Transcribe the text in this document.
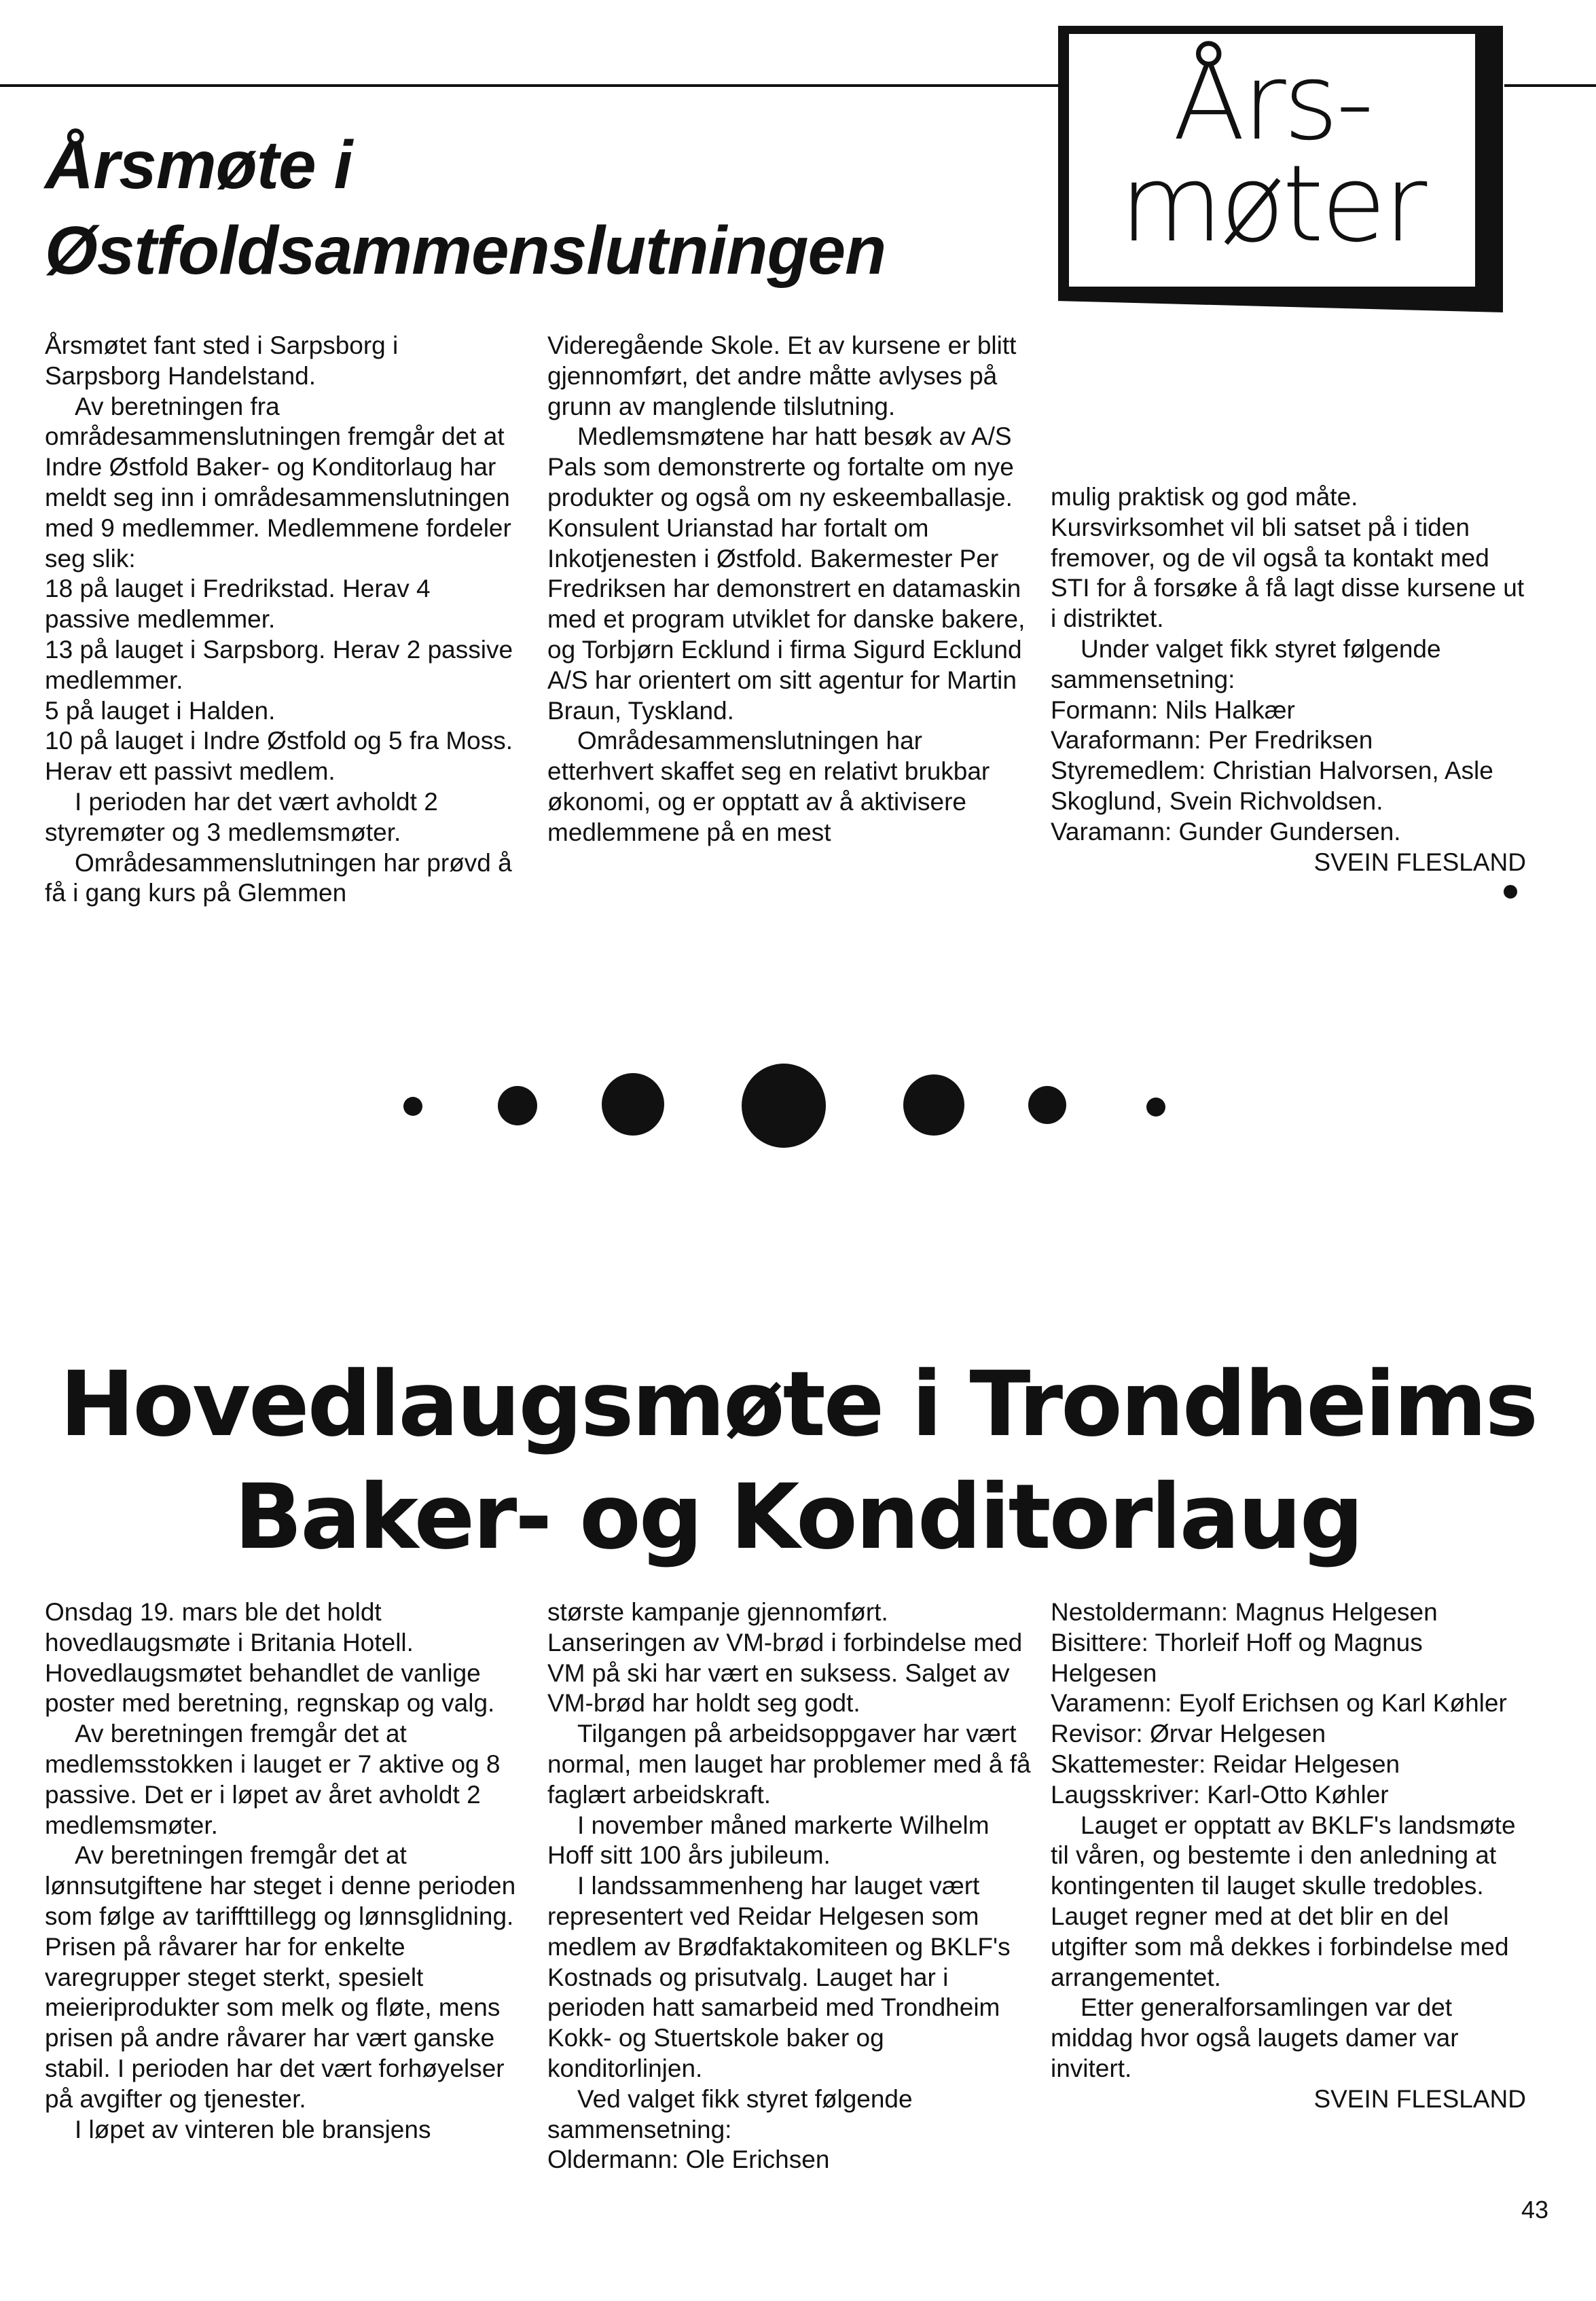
Års-
møter
Årsmøte i
Østfoldsammenslutningen

Årsmøtet fant sted i Sarpsborg i Sarpsborg Handelstand.

Av beretningen fra områdesammenslutningen fremgår det at Indre Østfold Baker- og Konditorlaug har meldt seg inn i områdesammenslutningen med 9 medlemmer. Medlemmene fordeler seg slik:

18 på lauget i Fredrikstad. Herav 4 passive medlemmer.

13 på lauget i Sarpsborg. Herav 2 passive medlemmer.

5 på lauget i Halden.

10 på lauget i Indre Østfold og 5 fra Moss. Herav ett passivt medlem.

I perioden har det vært avholdt 2 styremøter og 3 medlemsmøter.

Områdesammenslutningen har prøvd å få i gang kurs på Glemmen

Videregående Skole. Et av kursene er blitt gjennomført, det andre måtte avlyses på grunn av manglende tilslutning.

Medlemsmøtene har hatt besøk av A/S Pals som demonstrerte og fortalte om nye produkter og også om ny eskeemballasje. Konsulent Urianstad har fortalt om Inkotjenesten i Østfold. Bakermester Per Fredriksen har demonstrert en datamaskin med et program utviklet for danske bakere, og Torbjørn Ecklund i firma Sigurd Ecklund A/S har orientert om sitt agentur for Martin Braun, Tyskland.

Områdesammenslutningen har etterhvert skaffet seg en relativt brukbar økonomi, og er opptatt av å aktivisere medlemmene på en mest

mulig praktisk og god måte. Kursvirksomhet vil bli satset på i tiden fremover, og de vil også ta kontakt med STI for å forsøke å få lagt disse kursene ut i distriktet.

Under valget fikk styret følgende sammensetning:

Formann: Nils Halkær

Varaformann: Per Fredriksen

Styremedlem: Christian Halvorsen, Asle Skoglund, Svein Richvoldsen.

Varamann: Gunder Gundersen.

SVEIN FLESLAND

Hovedlaugsmøte i Trondheims
Baker- og Konditorlaug

Onsdag 19. mars ble det holdt hovedlaugsmøte i Britania Hotell. Hovedlaugsmøtet behandlet de vanlige poster med beretning, regnskap og valg.

Av beretningen fremgår det at medlemsstokken i lauget er 7 aktive og 8 passive. Det er i løpet av året avholdt 2 medlemsmøter.

Av beretningen fremgår det at lønnsutgiftene har steget i denne perioden som følge av tariffttillegg og lønnsglidning. Prisen på råvarer har for enkelte varegrupper steget sterkt, spesielt meieriprodukter som melk og fløte, mens prisen på andre råvarer har vært ganske stabil. I perioden har det vært forhøyelser på avgifter og tjenester.

I løpet av vinteren ble bransjens

største kampanje gjennomført. Lanseringen av VM-brød i forbindelse med VM på ski har vært en suksess. Salget av VM-brød har holdt seg godt.

Tilgangen på arbeidsoppgaver har vært normal, men lauget har problemer med å få faglært arbeidskraft.

I november måned markerte Wilhelm Hoff sitt 100 års jubileum.

I landssammenheng har lauget vært representert ved Reidar Helgesen som medlem av Brødfaktakomiteen og BKLF's Kostnads og prisutvalg. Lauget har i perioden hatt samarbeid med Trondheim Kokk- og Stuertskole baker og konditorlinjen.

Ved valget fikk styret følgende sammensetning:

Oldermann: Ole Erichsen

Nestoldermann: Magnus Helgesen

Bisittere: Thorleif Hoff og Magnus Helgesen

Varamenn: Eyolf Erichsen og Karl Køhler

Revisor: Ørvar Helgesen

Skattemester: Reidar Helgesen

Laugsskriver: Karl-Otto Køhler

Lauget er opptatt av BKLF's landsmøte til våren, og bestemte i den anledning at kontingenten til lauget skulle tredobles. Lauget regner med at det blir en del utgifter som må dekkes i forbindelse med arrangementet.

Etter generalforsamlingen var det middag hvor også laugets damer var invitert.

SVEIN FLESLAND

43
